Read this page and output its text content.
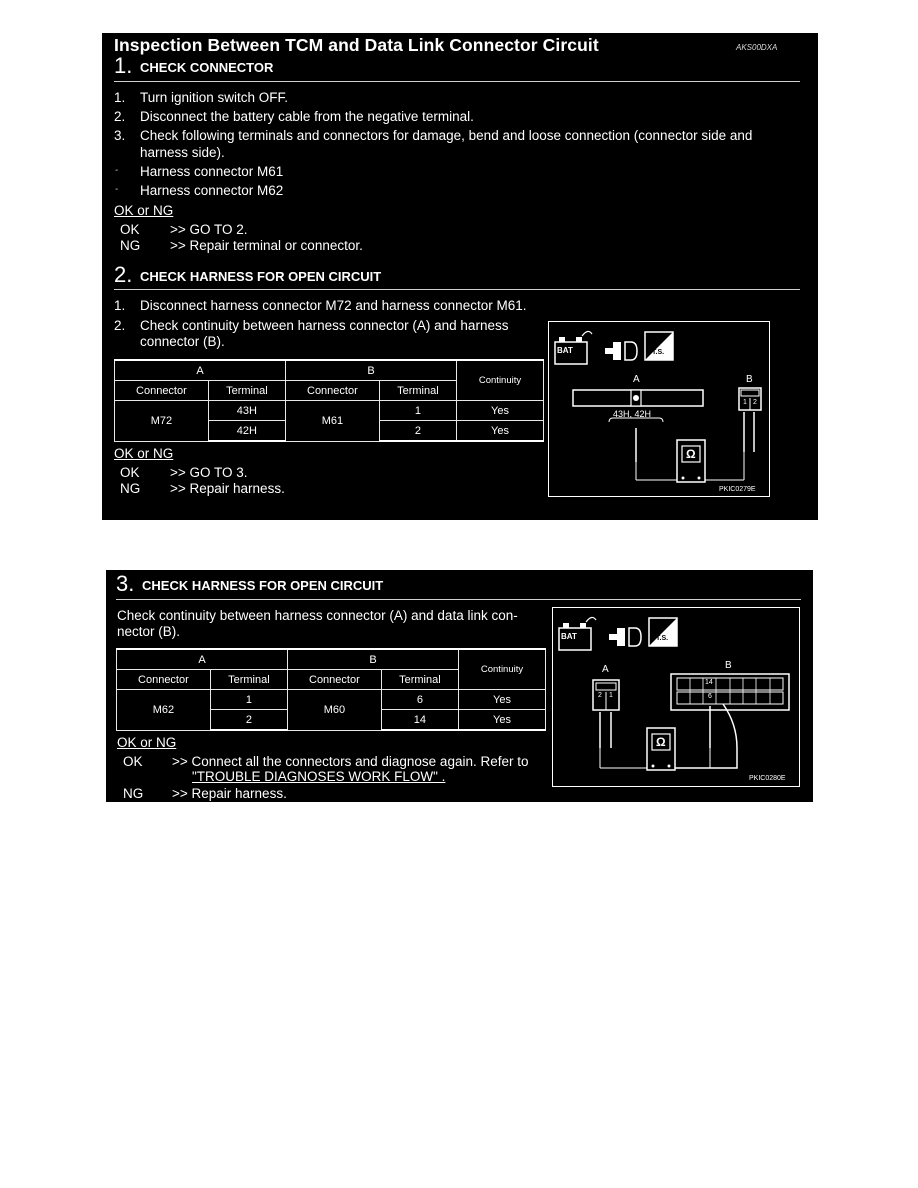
Inspection Between TCM and Data Link Connector Circuit	AKS00DXA
1. CHECK CONNECTOR
1. Turn ignition switch OFF.
2. Disconnect the battery cable from the negative terminal.
3. Check following terminals and connectors for damage, bend and loose connection (connector side and
harness side).
- Harness connector M61
- Harness connector M62
OK or NG
OK >> GO TO 2.
NG >> Repair terminal or connector.
2. CHECK HARNESS FOR OPEN CIRCUIT
1. Disconnect harness connector M72 and harness connector M61.
2. Check continuity between harness connector (A) and harness
connector (B).
A		B		Continuity
Connector	Terminal	Connector	Terminal	
M72	43H	M61	1	Yes
	42H		2	Yes
OK or NG
OK >> GO TO 3.
NG >> Repair harness.
BAT	T.S.
A	B
43H, 42H
1 2
Ω
PKIC0279E
3. CHECK HARNESS FOR OPEN CIRCUIT
Check continuity between harness connector (A) and data link con-
nector (B).
A		B		Continuity
Connector	Terminal	Connector	Terminal	
M62	1	M60	6	Yes
	2		14	Yes
OK or NG
OK >> Connect all the connectors and diagnose again. Refer to
"TROUBLE DIAGNOSES WORK FLOW" .
NG >> Repair harness.
BAT	T.S.
A	B
2 1
14
6
Ω
PKIC0280E
